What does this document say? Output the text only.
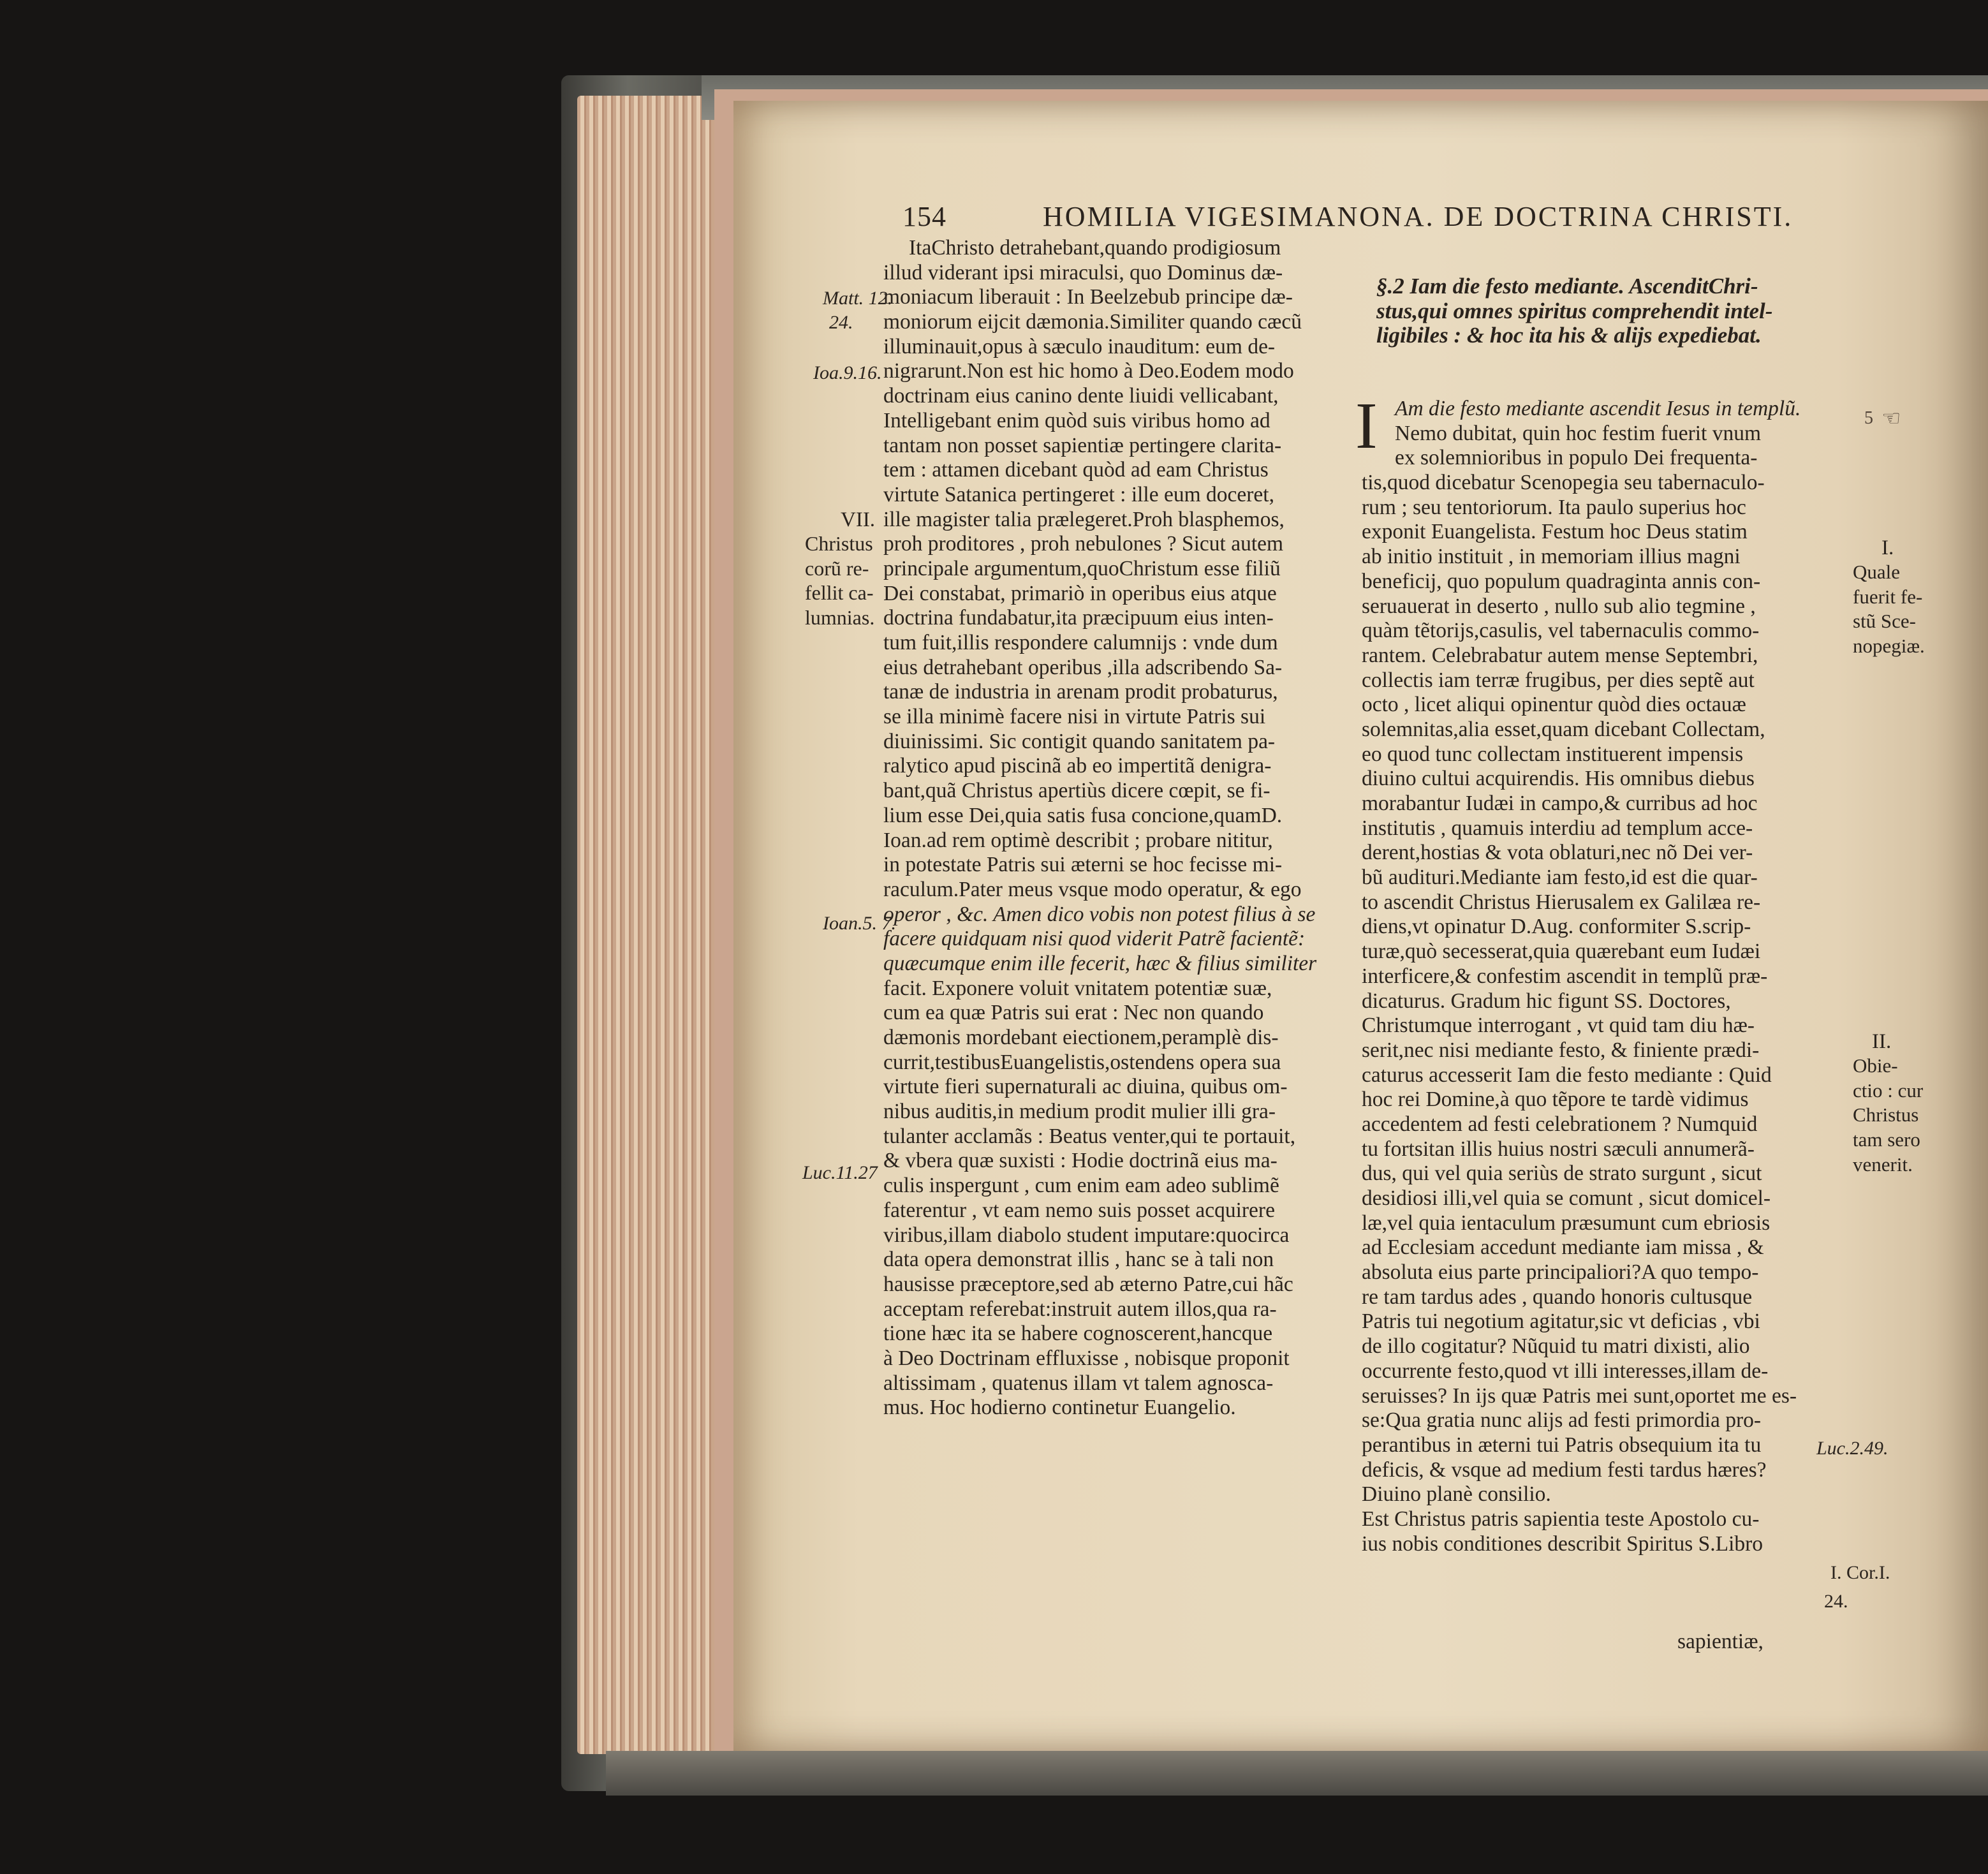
154	HOMILIA VIGESIMANONA. DE DOCTRINA CHRISTI.
ItaChristo detrahebant,quando prodigiosum
illud viderant ipsi miraculsi, quo Dominus dæ-
moniacum liberauit : In Beelzebub principe dæ-
moniorum eijcit dæmonia.Similiter quando cæcũ
illuminauit,opus à sæculo inauditum: eum de-
nigrarunt.Non est hic homo à Deo.Eodem modo
doctrinam eius canino dente liuidi vellicabant,
Intelligebant enim quòd suis viribus homo ad
tantam non posset sapientiæ pertingere clarita-
tem : attamen dicebant quòd ad eam Christus
virtute Satanica pertingeret : ille eum doceret,
ille magister talia prælegeret.Proh blasphemos,
proh proditores , proh nebulones ? Sicut autem
principale argumentum,quoChristum esse filiũ
Dei constabat, primariò in operibus eius atque
doctrina fundabatur,ita præcipuum eius inten-
tum fuit,illis respondere calumnijs : vnde dum
eius detrahebant operibus ,illa adscribendo Sa-
tanæ de industria in arenam prodit probaturus,
se illa minimè facere nisi in virtute Patris sui
diuinissimi. Sic contigit quando sanitatem pa-
ralytico apud piscinã ab eo impertitã denigra-
bant,quã Christus apertiùs dicere cœpit, se fi-
lium esse Dei,quia satis fusa concione,quamD.
Ioan.ad rem optimè describit ; probare nititur,
in potestate Patris sui æterni se hoc fecisse mi-
raculum.Pater meus vsque modo operatur, & ego
operor , &c. Amen dico vobis non potest filius à se
facere quidquam nisi quod viderit Patrẽ facientẽ:
quæcumque enim ille fecerit, hæc & filius similiter
facit. Exponere voluit vnitatem potentiæ suæ,
cum ea quæ Patris sui erat : Nec non quando
dæmonis mordebant eiectionem,peramplè dis-
currit,testibusEuangelistis,ostendens opera sua
virtute fieri supernaturali ac diuina, quibus om-
nibus auditis,in medium prodit mulier illi gra-
tulanter acclamãs : Beatus venter,qui te portauit,
& vbera quæ suxisti : Hodie doctrinã eius ma-
culis inspergunt , cum enim eam adeo sublimẽ
faterentur , vt eam nemo suis posset acquirere
viribus,illam diabolo student imputare:quocirca
data opera demonstrat illis , hanc se à tali non
hausisse præceptore,sed ab æterno Patre,cui hãc
acceptam referebat:instruit autem illos,qua ra-
tione hæc ita se habere cognoscerent,hancque
à Deo Doctrinam effluxisse , nobisque proponit
altissimam , quatenus illam vt talem agnosca-
mus. Hoc hodierno continetur Euangelio.
Matt. 12.
24.
Ioa.9.16.
VII.
Christus
corũ re-
fellit ca-
lumnias.
Ioan.5. 7.
Luc.11.27
§.2 Iam die festo mediante. AscenditChri-
stus,qui omnes spiritus comprehendit intel-
ligibiles : & hoc ita his & alijs expediebat.
I Am die festo mediante ascendit Iesus in templũ.
Nemo dubitat, quin hoc festim fuerit vnum
ex solemnioribus in populo Dei frequenta-
tis,quod dicebatur Scenopegia seu tabernaculo-
rum ; seu tentoriorum. Ita paulo superius hoc
exponit Euangelista. Festum hoc Deus statim
ab initio instituit , in memoriam illius magni
beneficij, quo populum quadraginta annis con-
seruauerat in deserto , nullo sub alio tegmine ,
quàm tẽtorijs,casulis, vel tabernaculis commo-
rantem. Celebrabatur autem mense Septembri,
collectis iam terræ frugibus, per dies septẽ aut
octo , licet aliqui opinentur quòd dies octauæ
solemnitas,alia esset,quam dicebant Collectam,
eo quod tunc collectam instituerent impensis
diuino cultui acquirendis. His omnibus diebus
morabantur Iudæi in campo,& curribus ad hoc
institutis , quamuis interdiu ad templum acce-
derent,hostias & vota oblaturi,nec nõ Dei ver-
bũ audituri.Mediante iam festo,id est die quar-
to ascendit Christus Hierusalem ex Galilæa re-
diens,vt opinatur D.Aug. conformiter S.scrip-
turæ,quò secesserat,quia quærebant eum Iudæi
interficere,& confestim ascendit in templũ præ-
dicaturus. Gradum hic figunt SS. Doctores,
Christumque interrogant , vt quid tam diu hæ-
serit,nec nisi mediante festo, & finiente prædi-
caturus accesserit Iam die festo mediante : Quid
hoc rei Domine,à quo tẽpore te tardè vidimus
accedentem ad festi celebrationem ? Numquid
tu fortsitan illis huius nostri sæculi annumerã-
dus, qui vel quia seriùs de strato surgunt , sicut
desidiosi illi,vel quia se comunt , sicut domicel-
læ,vel quia ientaculum præsumunt cum ebriosis
ad Ecclesiam accedunt mediante iam missa , &
absoluta eius parte principaliori?A quo tempo-
re tam tardus ades , quando honoris cultusque
Patris tui negotium agitatur,sic vt deficias , vbi
de illo cogitatur? Nũquid tu matri dixisti, alio
occurrente festo,quod vt illi interesses,illam de-
seruisses? In ijs quæ Patris mei sunt,oportet me es-
se:Qua gratia nunc alijs ad festi primordia pro-
perantibus in æterni tui Patris obsequium ita tu
deficis, & vsque ad medium festi tardus hæres?
Diuino planè consilio.
Est Christus patris sapientia teste Apostolo cu-
ius nobis conditiones describit Spiritus S.Libro
5 ☜
I.
Quale
fuerit fe-
stũ Sce-
nopegiæ.
II.
Obie-
ctio : cur
Christus
tam sero
venerit.
Luc.2.49.
I. Cor.I.
24.
sapientiæ,
